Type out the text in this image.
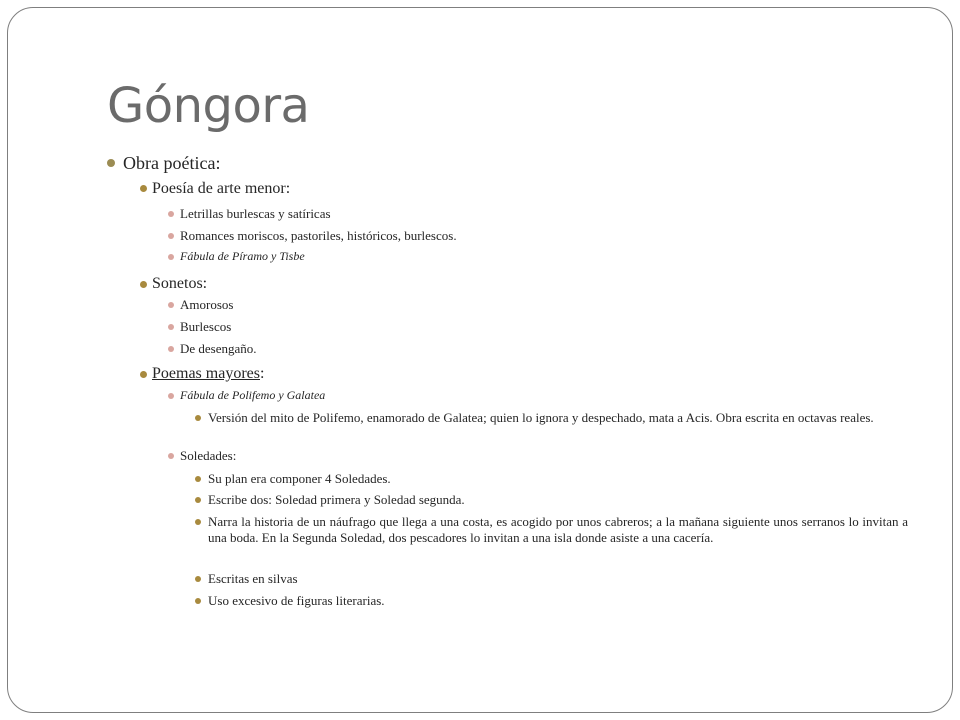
Góngora
Obra poética:
Poesía de arte menor:
Letrillas burlescas y satíricas
Romances moriscos, pastoriles, históricos, burlescos.
Fábula de Píramo y Tisbe
Sonetos:
Amorosos
Burlescos
De desengaño.
Poemas mayores:
Fábula de Polifemo y Galatea
Versión del mito de Polifemo, enamorado de Galatea; quien lo ignora y despechado, mata a Acis. Obra escrita en octavas reales.
Soledades:
Su plan era componer 4 Soledades.
Escribe dos: Soledad primera y Soledad segunda.
Narra la historia de un náufrago que llega a una costa, es acogido por unos cabreros; a la mañana siguiente unos serranos lo invitan a una boda. En la Segunda Soledad, dos pescadores lo invitan a una isla donde asiste a una cacería.
Escritas en silvas
Uso excesivo de figuras literarias.
